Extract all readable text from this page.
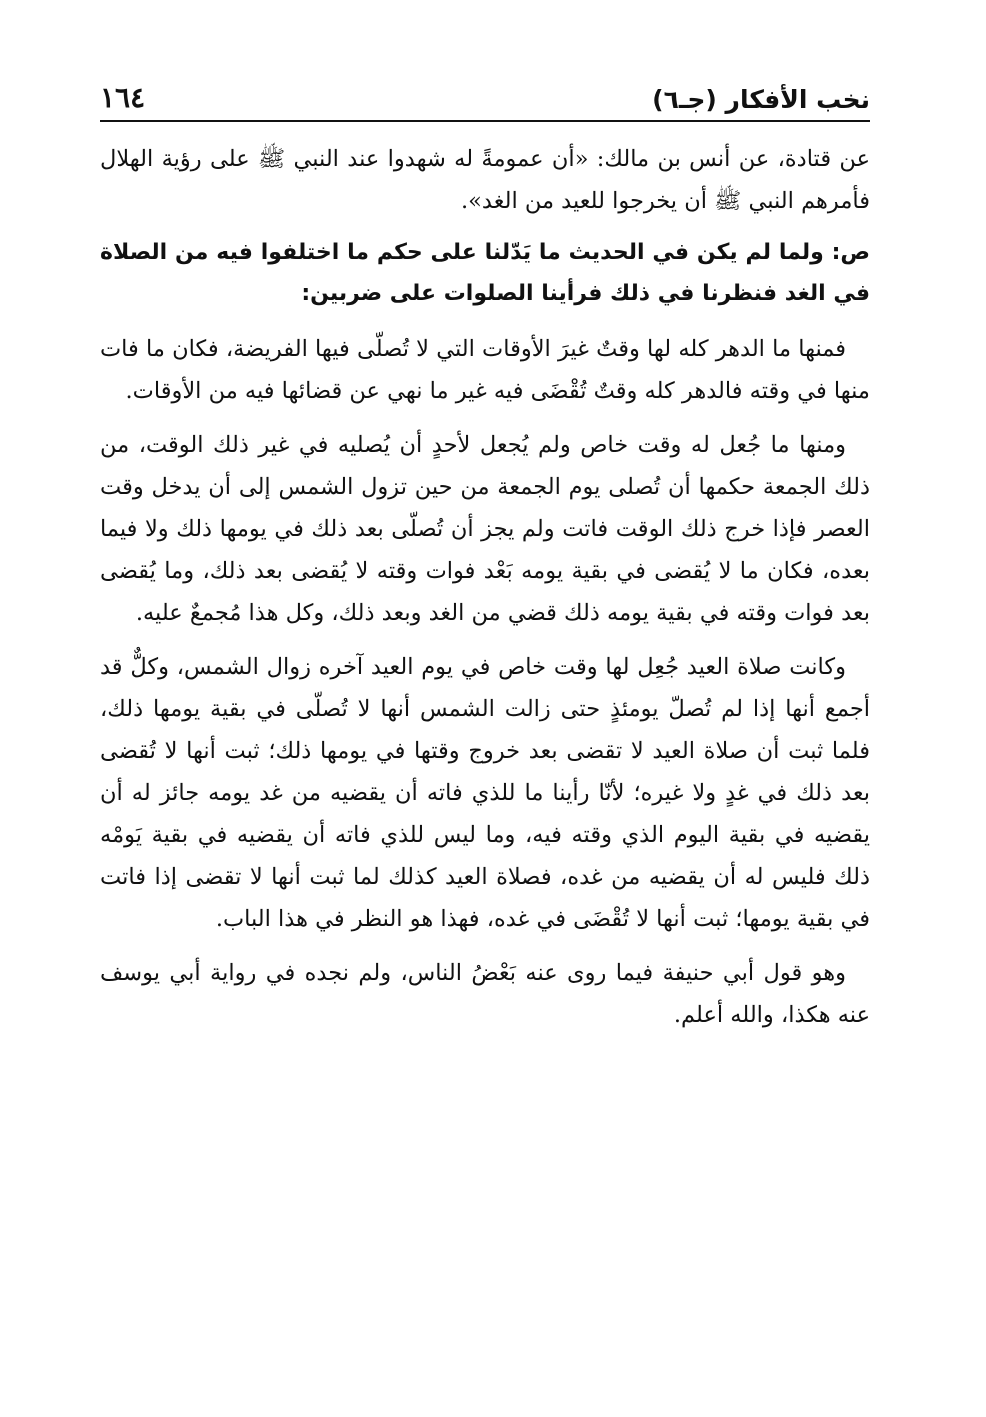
نخب الأفكار (جـ٦)
١٦٤

عن قتادة، عن أنس بن مالك: «أن عمومةً له شهدوا عند النبي ﷺ على رؤية الهلال فأمرهم النبي ﷺ أن يخرجوا للعيد من الغد».

ص: ولما لم يكن في الحديث ما يَدّلنا على حكم ما اختلفوا فيه من الصلاة في الغد فنظرنا في ذلك فرأينا الصلوات على ضربين:

فمنها ما الدهر كله لها وقتٌ غيرَ الأوقات التي لا تُصلّى فيها الفريضة، فكان ما فات منها في وقته فالدهر كله وقتٌ تُقْضَى فيه غير ما نهي عن قضائها فيه من الأوقات.

ومنها ما جُعل له وقت خاص ولم يُجعل لأحدٍ أن يُصليه في غير ذلك الوقت، من ذلك الجمعة حكمها أن تُصلى يوم الجمعة من حين تزول الشمس إلى أن يدخل وقت العصر فإذا خرج ذلك الوقت فاتت ولم يجز أن تُصلّى بعد ذلك في يومها ذلك ولا فيما بعده، فكان ما لا يُقضى في بقية يومه بَعْد فوات وقته لا يُقضى بعد ذلك، وما يُقضى بعد فوات وقته في بقية يومه ذلك قضي من الغد وبعد ذلك، وكل هذا مُجمعٌ عليه.

وكانت صلاة العيد جُعِل لها وقت خاص في يوم العيد آخره زوال الشمس، وكلٌّ قد أجمع أنها إذا لم تُصلّ يومئذٍ حتى زالت الشمس أنها لا تُصلّى في بقية يومها ذلك، فلما ثبت أن صلاة العيد لا تقضى بعد خروج وقتها في يومها ذلك؛ ثبت أنها لا تُقضى بعد ذلك في غدٍ ولا غيره؛ لأنّا رأينا ما للذي فاته أن يقضيه من غد يومه جائز له أن يقضيه في بقية اليوم الذي وقته فيه، وما ليس للذي فاته أن يقضيه في بقية يَومْه ذلك فليس له أن يقضيه من غده، فصلاة العيد كذلك لما ثبت أنها لا تقضى إذا فاتت في بقية يومها؛ ثبت أنها لا تُقْضَى في غده، فهذا هو النظر في هذا الباب.

وهو قول أبي حنيفة فيما روى عنه بَعْضُ الناس، ولم نجده في رواية أبي يوسف عنه هكذا، والله أعلم.
